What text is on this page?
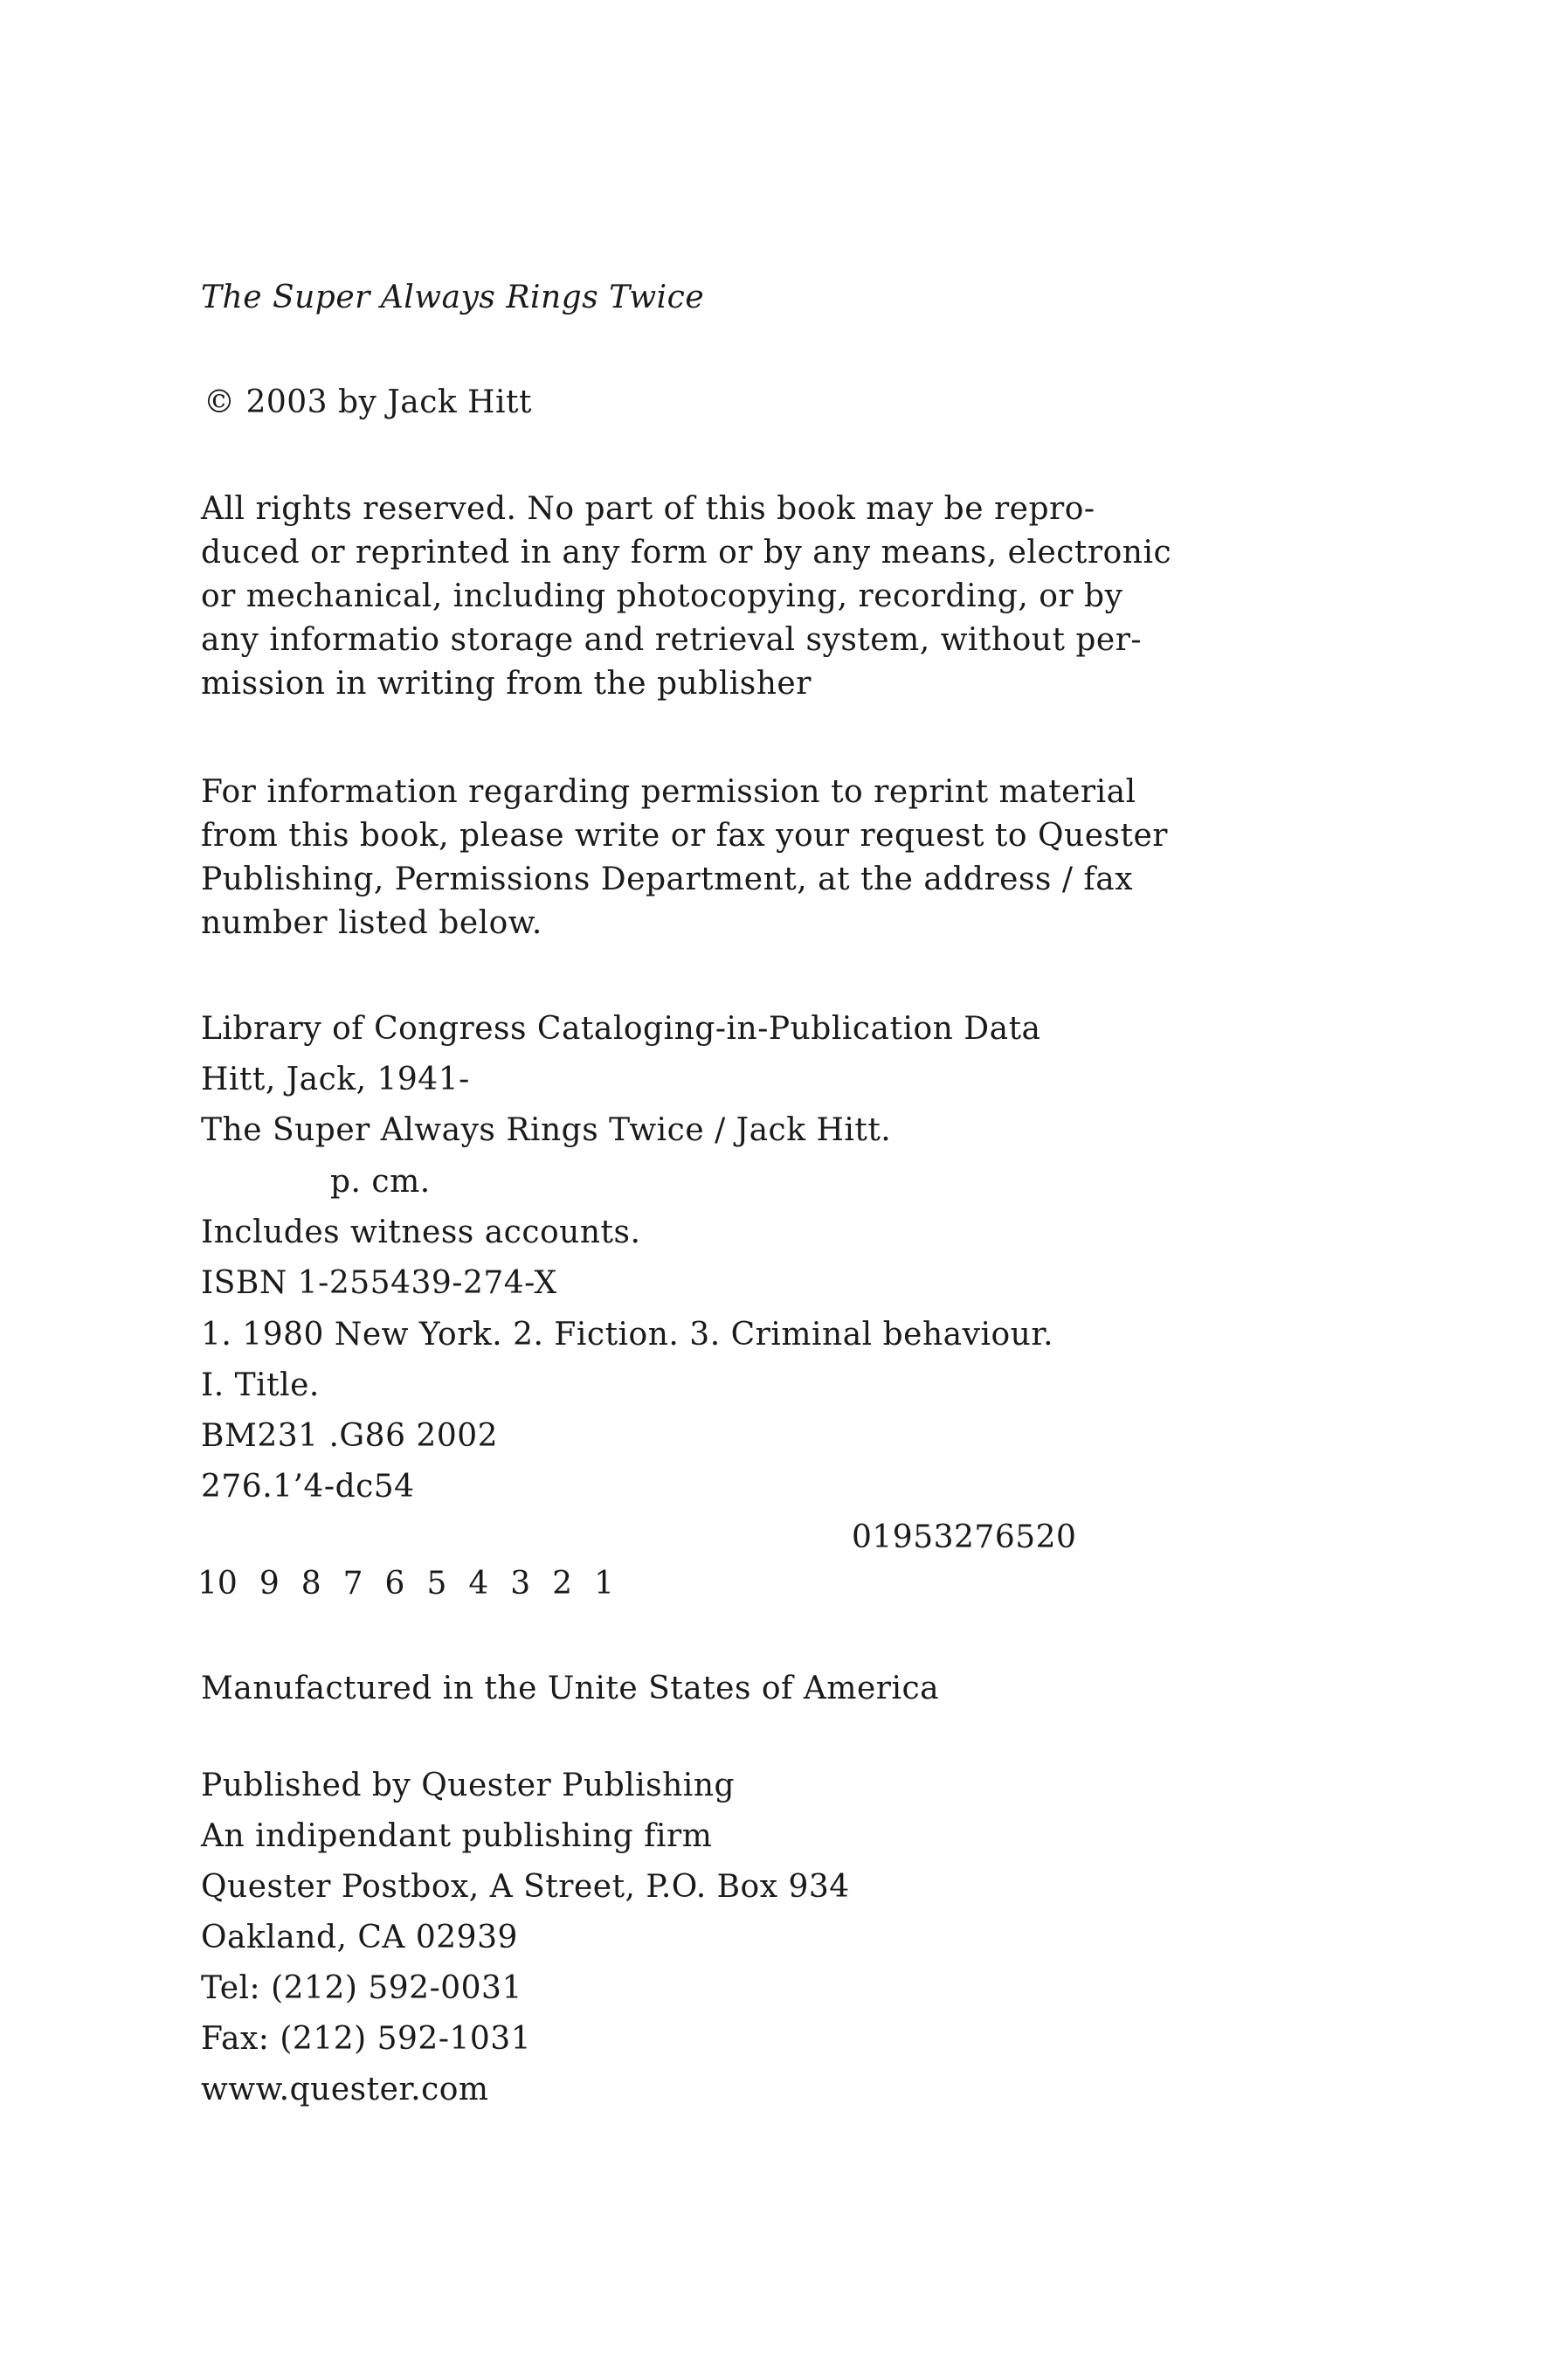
The Super Always Rings Twice
© 2003 by Jack Hitt
All rights reserved. No part of this book may be repro-
duced or reprinted in any form or by any means, electronic
or mechanical, including photocopying, recording, or by
any informatio storage and retrieval system, without per-
mission in writing from the publisher
For information regarding permission to reprint material
from this book, please write or fax your request to Quester
Publishing, Permissions Department, at the address / fax
number listed below.
Library of Congress Cataloging-in-Publication Data
Hitt, Jack, 1941-
The Super Always Rings Twice / Jack Hitt.
p. cm.
Includes witness accounts.
ISBN 1-255439-274-X
1. 1980 New York. 2. Fiction. 3. Criminal behaviour.
I. Title.
BM231 .G86 2002
276.1’4-dc54
01953276520
10 9 8 7 6 5 4 3 2 1
Manufactured in the Unite States of America
Published by Quester Publishing
An indipendant publishing firm
Quester Postbox, A Street, P.O. Box 934
Oakland, CA 02939
Tel: (212) 592-0031
Fax: (212) 592-1031
www.quester.com
